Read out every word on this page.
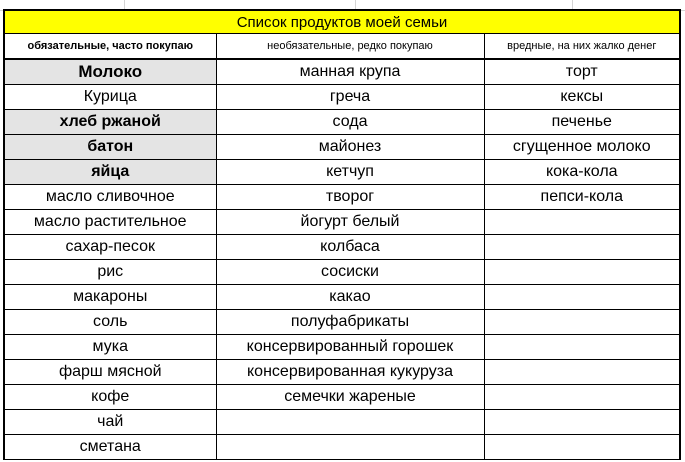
Список продуктов моей семьи		
обязательные, часто покупаю	необязательные, редко покупаю	вредные, на них жалко денег
Молоко	манная крупа	торт
Курица	греча	кексы
хлеб ржаной	сода	печенье
батон	майонез	сгущенное молоко
яйца	кетчуп	кока-кола
масло сливочное	творог	пепси-кола
масло растительное	йогурт белый	
сахар-песок	колбаса	
рис	сосиски	
макароны	какао	
соль	полуфабрикаты	
мука	консервированный горошек	
фарш мясной	консервированная кукуруза	
кофе	семечки жареные	
чай		
сметана		
